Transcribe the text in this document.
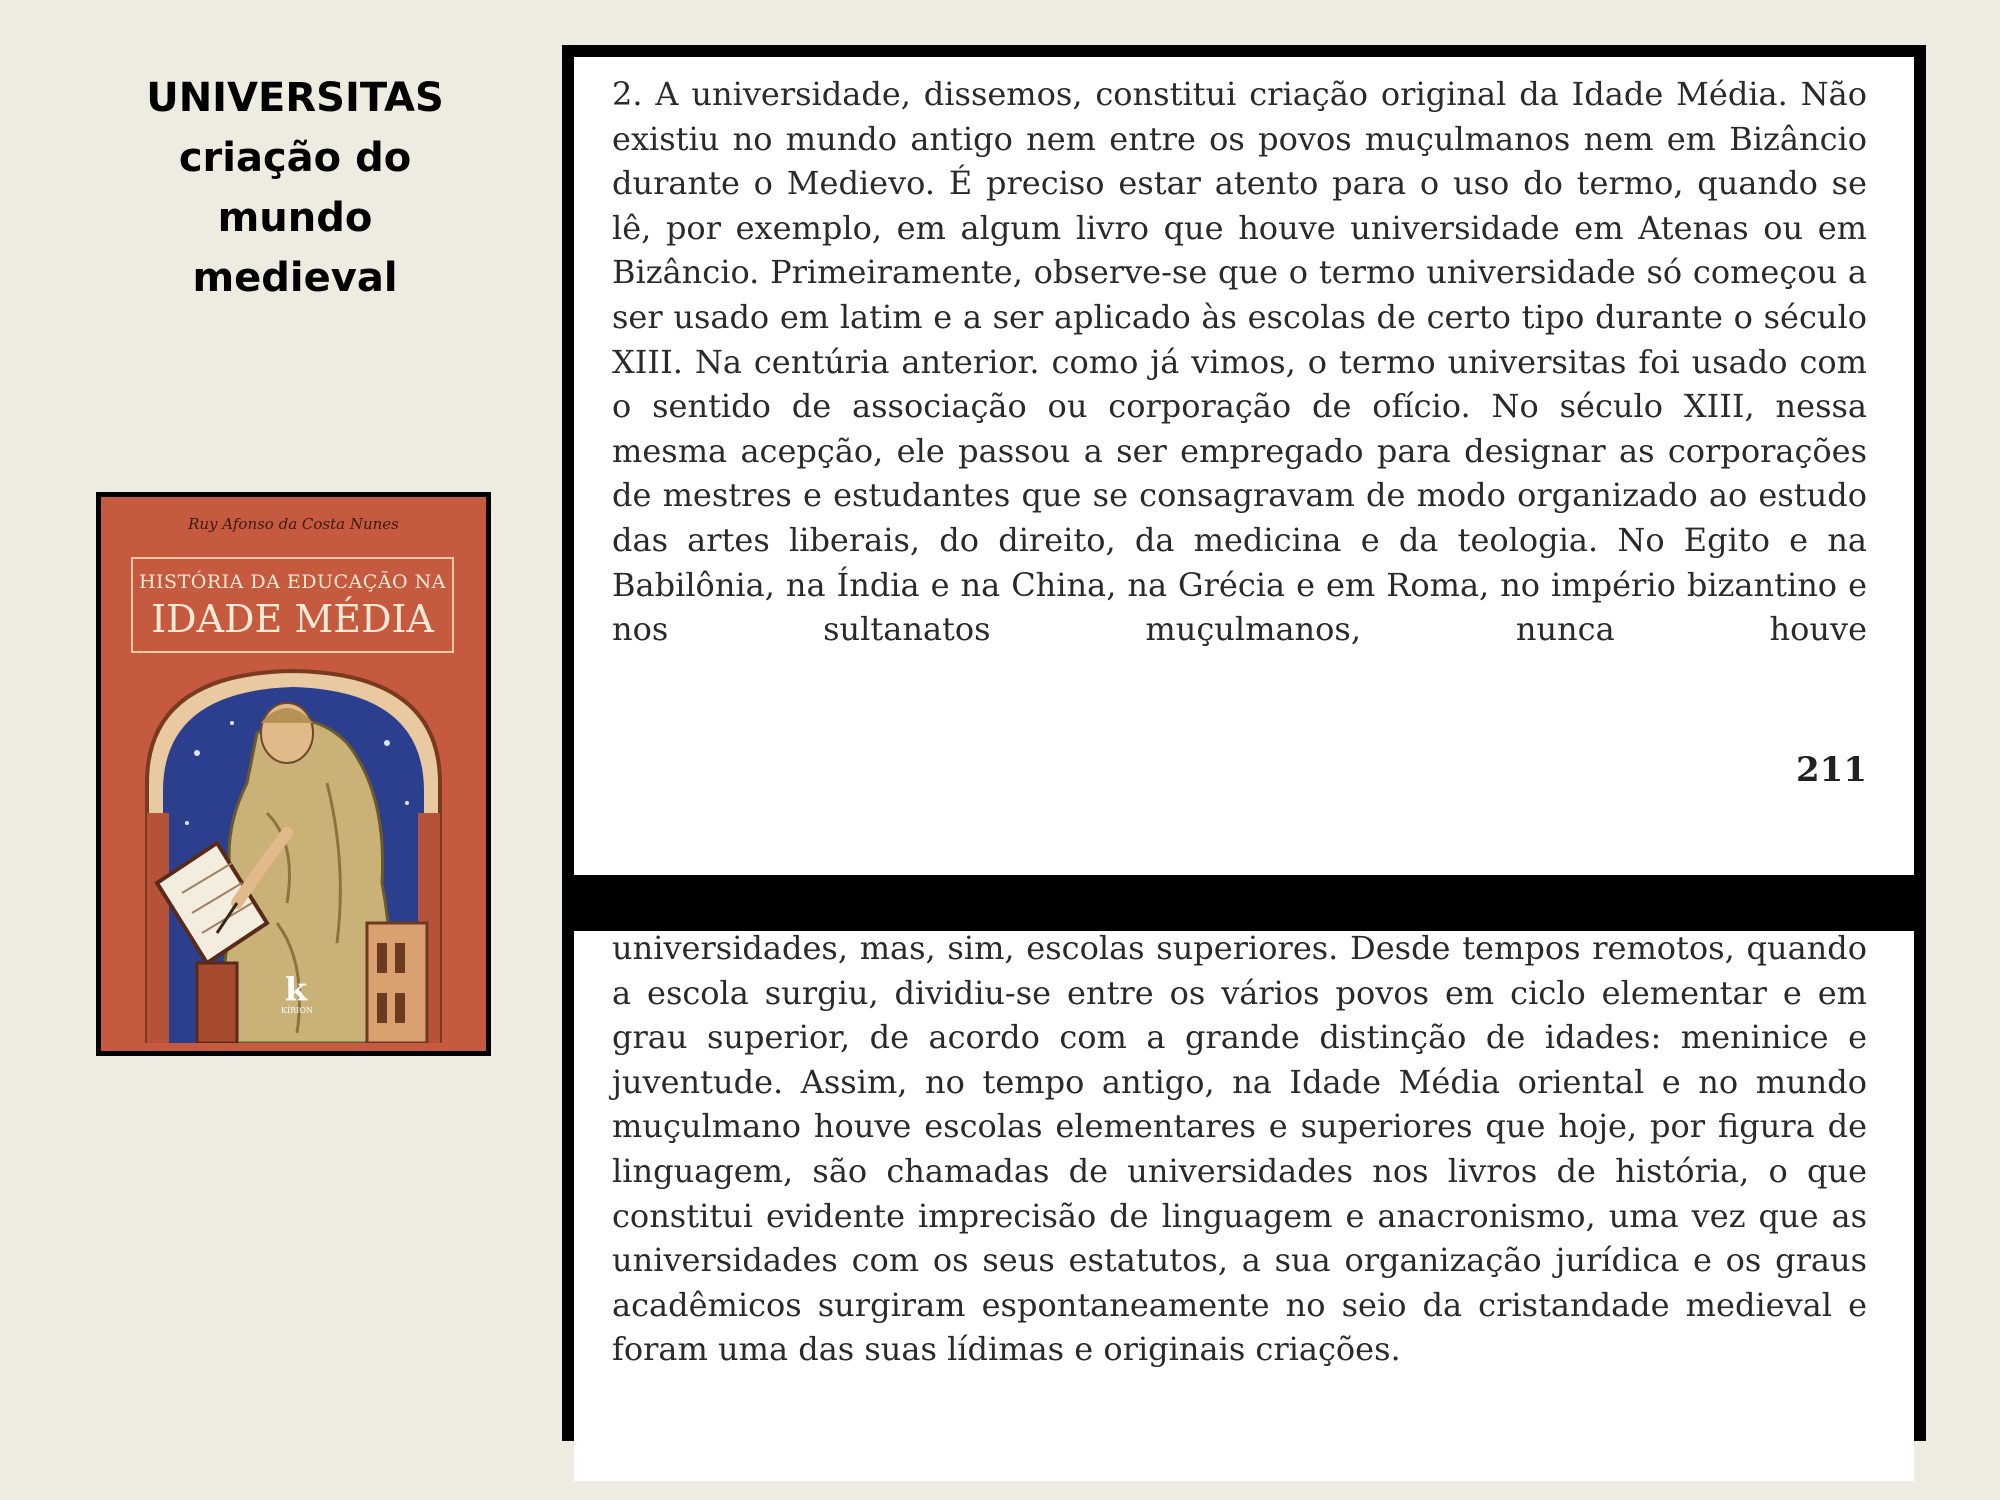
UNIVERSITAS
criação do
mundo
medieval
Ruy Afonso da Costa Nunes
HISTÓRIA DA EDUCAÇÃO NA
IDADE MÉDIA
k
KÍRION

2. A universidade, dissemos, constitui criação original da Idade Média. Não existiu no mundo antigo nem entre os povos muçulmanos nem em Bizâncio durante o Medievo. É preciso estar atento para o uso do termo, quando se lê, por exemplo, em algum livro que houve universidade em Atenas ou em Bizâncio. Primeiramente, observe-se que o termo universidade só começou a ser usado em latim e a ser aplicado às escolas de certo tipo durante o século XIII. Na centúria anterior. como já vimos, o termo universitas foi usado com o sentido de associação ou corporação de ofício. No século XIII, nessa mesma acepção, ele passou a ser empregado para designar as corporações de mestres e estudantes que se consagravam de modo organizado ao estudo das artes liberais, do direito, da medicina e da teologia. No Egito e na Babilônia, na Índia e na China, na Grécia e em Roma, no império bizantino e nos sultanatos muçulmanos, nunca houve

211

universidades, mas, sim, escolas superiores. Desde tempos remotos, quando a escola surgiu, dividiu-se entre os vários povos em ciclo elementar e em grau superior, de acordo com a grande distinção de idades: meninice e juventude. Assim, no tempo antigo, na Idade Média oriental e no mundo muçulmano houve escolas elementares e superiores que hoje, por figura de linguagem, são chamadas de universidades nos livros de história, o que constitui evidente imprecisão de linguagem e anacronismo, uma vez que as universidades com os seus estatutos, a sua organização jurídica e os graus acadêmicos surgiram espontaneamente no seio da cristandade medieval e foram uma das suas lídimas e originais criações.
